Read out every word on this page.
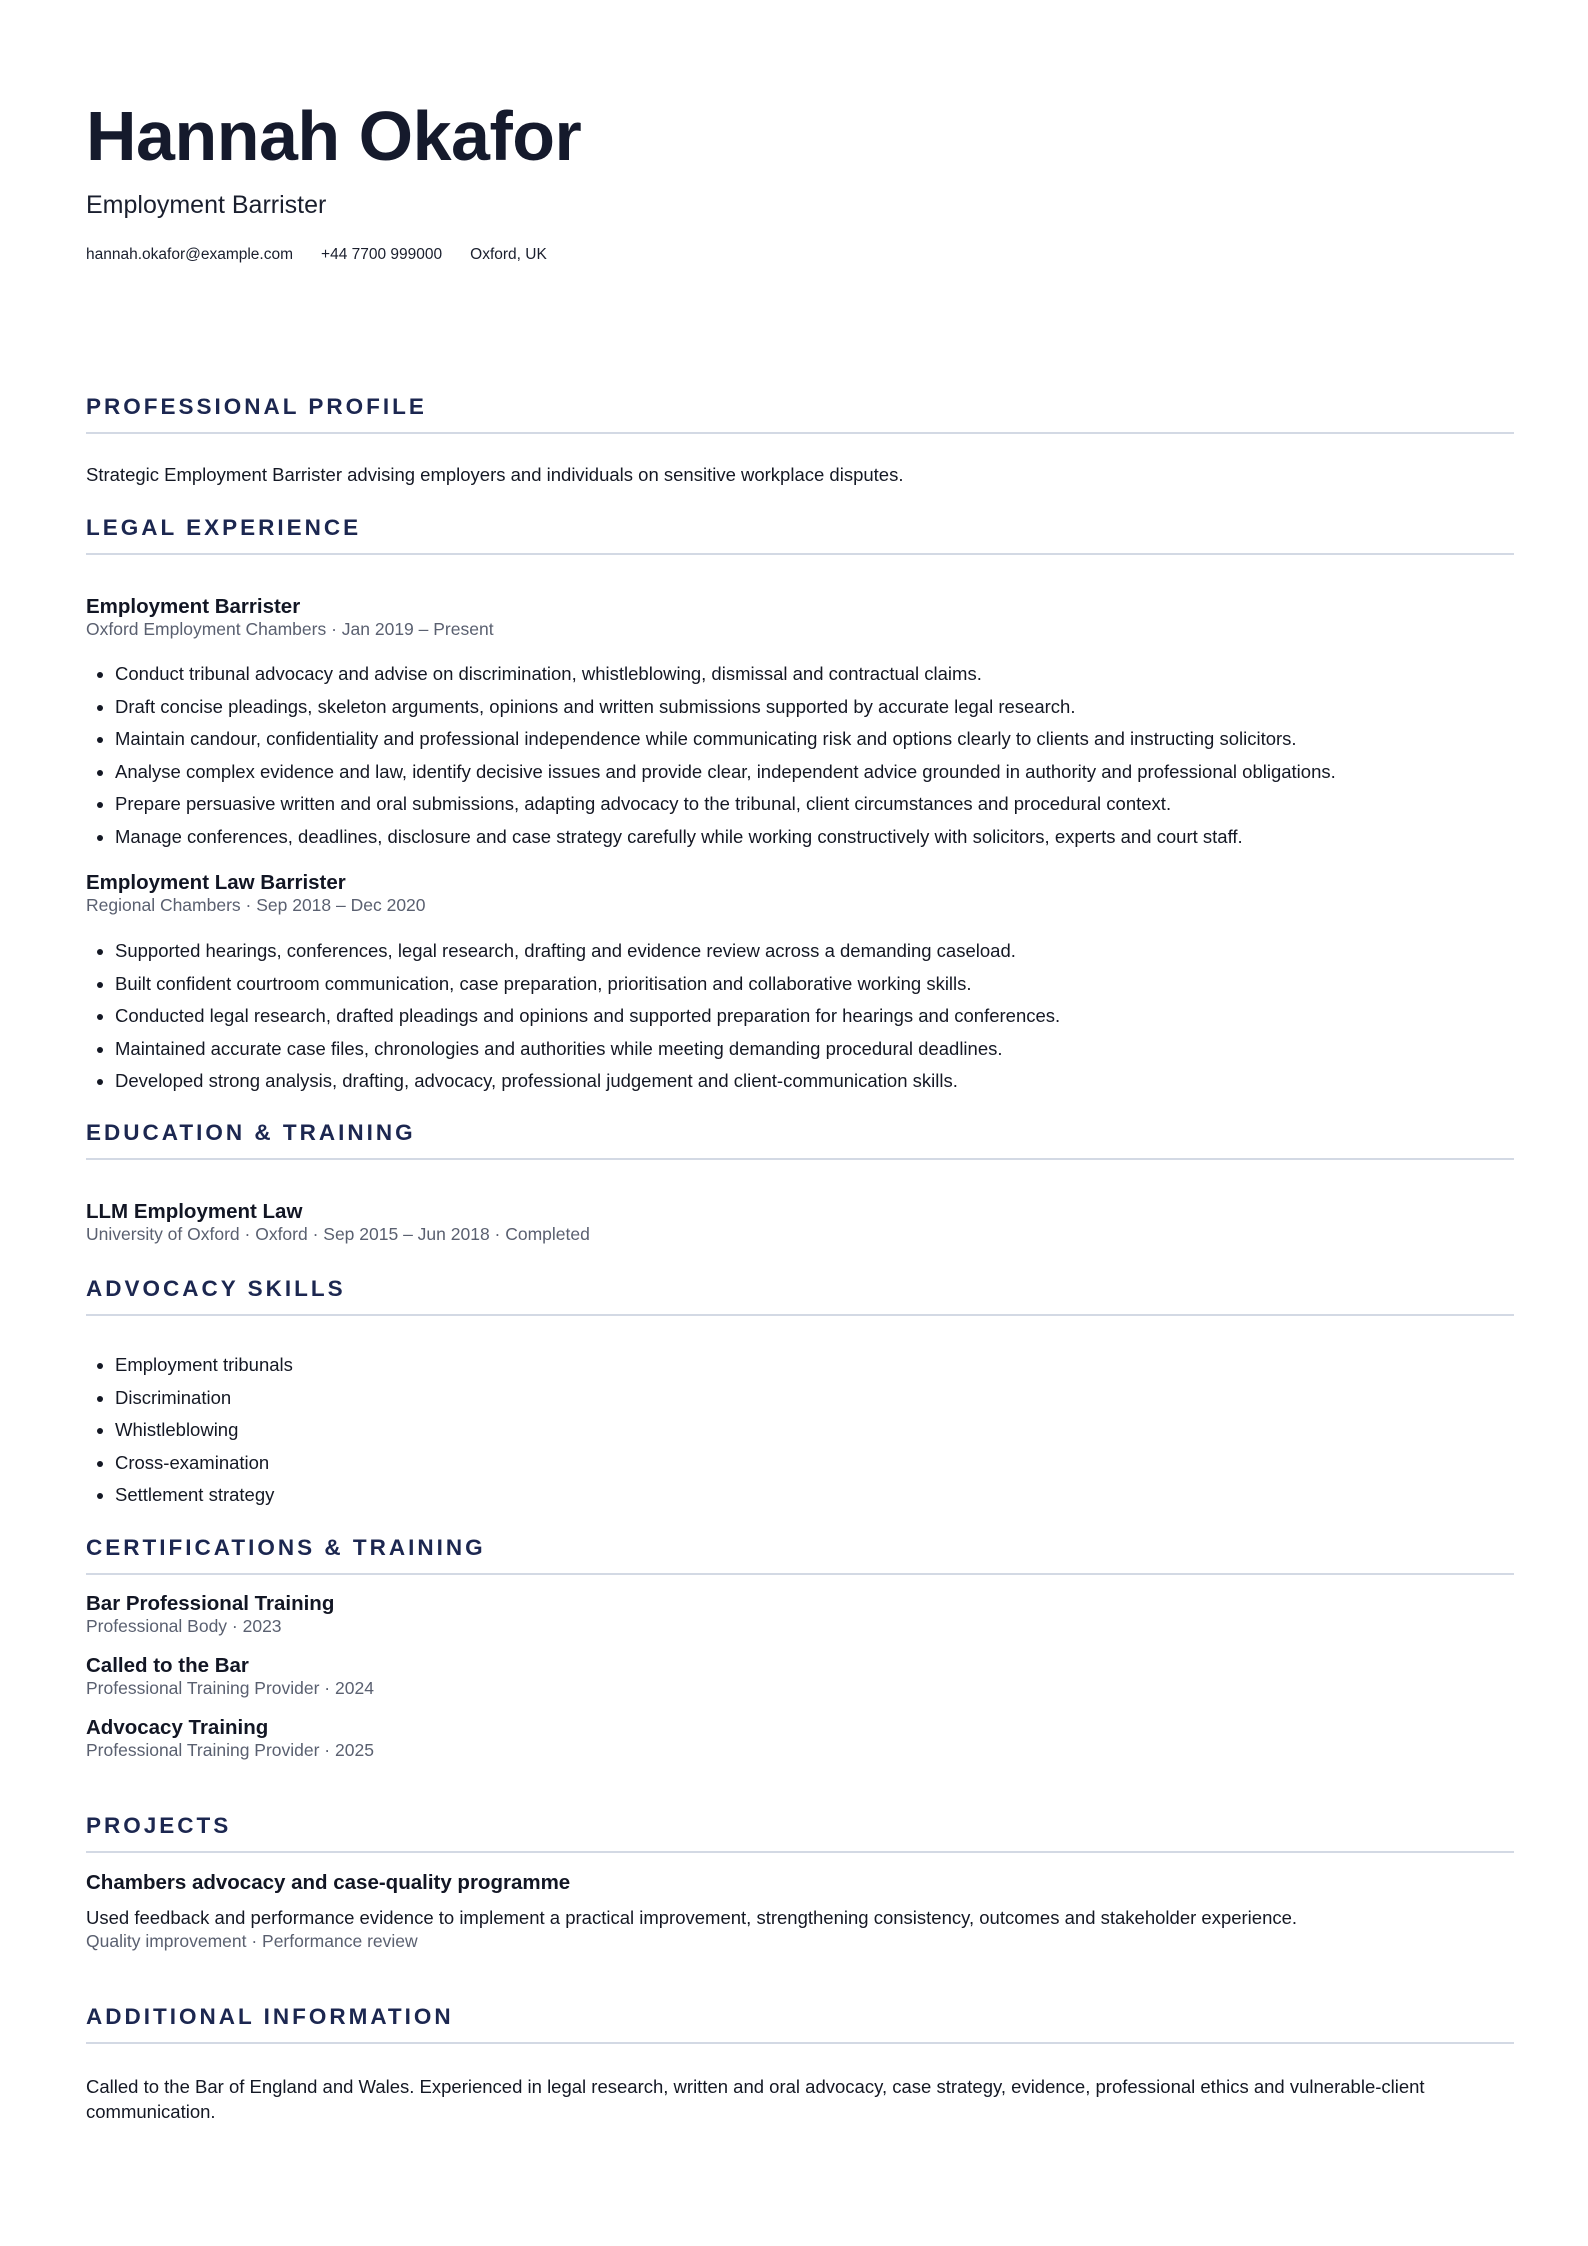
Hannah Okafor

Employment Barrister

hannah.okafor@example.com +44 7700 999000 Oxford, UK
PROFESSIONAL PROFILE
Strategic Employment Barrister advising employers and individuals on sensitive workplace disputes.
LEGAL EXPERIENCE
Employment Barrister
Oxford Employment Chambers · Jan 2019 – Present
• Conduct tribunal advocacy and advise on discrimination, whistleblowing, dismissal and contractual claims.
• Draft concise pleadings, skeleton arguments, opinions and written submissions supported by accurate legal research.
• Maintain candour, confidentiality and professional independence while communicating risk and options clearly to clients and instructing solicitors.
• Analyse complex evidence and law, identify decisive issues and provide clear, independent advice grounded in authority and professional obligations.
• Prepare persuasive written and oral submissions, adapting advocacy to the tribunal, client circumstances and procedural context.
• Manage conferences, deadlines, disclosure and case strategy carefully while working constructively with solicitors, experts and court staff.
Employment Law Barrister
Regional Chambers · Sep 2018 – Dec 2020
• Supported hearings, conferences, legal research, drafting and evidence review across a demanding caseload.
• Built confident courtroom communication, case preparation, prioritisation and collaborative working skills.
• Conducted legal research, drafted pleadings and opinions and supported preparation for hearings and conferences.
• Maintained accurate case files, chronologies and authorities while meeting demanding procedural deadlines.
• Developed strong analysis, drafting, advocacy, professional judgement and client-communication skills.
EDUCATION & TRAINING
LLM Employment Law
University of Oxford · Oxford · Sep 2015 – Jun 2018 · Completed
ADVOCACY SKILLS
• Employment tribunals
• Discrimination
• Whistleblowing
• Cross-examination
• Settlement strategy
CERTIFICATIONS & TRAINING
Bar Professional Training
Professional Body · 2023
Called to the Bar
Professional Training Provider · 2024
Advocacy Training
Professional Training Provider · 2025
PROJECTS
Chambers advocacy and case-quality programme
Used feedback and performance evidence to implement a practical improvement, strengthening consistency, outcomes and stakeholder experience.
Quality improvement · Performance review
ADDITIONAL INFORMATION
Called to the Bar of England and Wales. Experienced in legal research, written and oral advocacy, case strategy, evidence, professional ethics and vulnerable-client communication.
